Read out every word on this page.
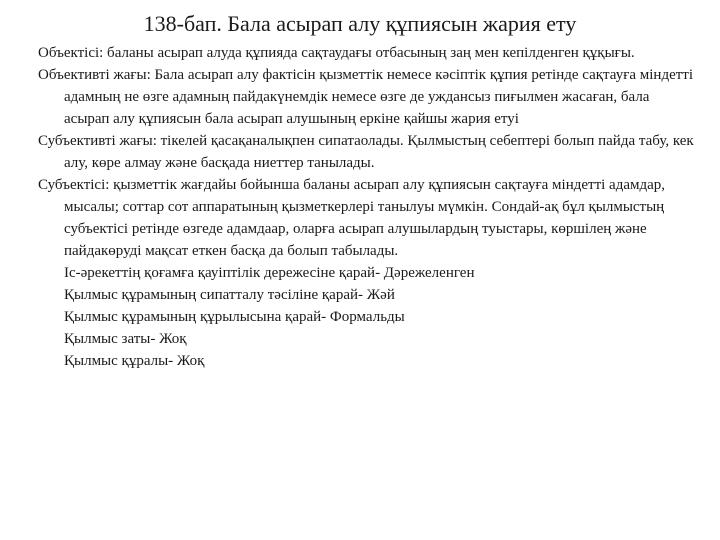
138-бап. Бала асырап алу құпиясын жария ету

Объектісі: баланы асырап алуда құпияда сақтаудағы отбасының заң мен кепілденген құқығы.

Объективті жағы: Бала асырап алу фактісін қызметтік немесе кәсіптік құпия ретінде сақтауға міндетті адамның не өзге адамның пайдакүнемдік немесе өзге де уждансыз пиғылмен жасаған, бала асырап алу құпиясын бала асырап алушының еркіне қайшы жария етуі

Субъективті жағы: тікелей қасақаналықпен сипатаолады. Қылмыстың себептері болып пайда табу, кек алу, көре алмау және басқада ниеттер танылады.

Субъектісі: қызметтік жағдайы бойынша баланы асырап алу құпиясын сақтауға міндетті адамдар, мысалы; соттар сот аппаратының қызметкерлері танылуы мүмкін. Сондай-ақ бұл қылмыстың субъектісі ретінде өзгеде адамдаар, оларға асырап алушылардың туыстары, көршілең және пайдакөруді мақсат еткен басқа да болып табылады.

Іс-әрекеттің қоғамға қауіптілік дережесіне қарай- Дәрежеленген

Қылмыс құрамының сипатталу тәсіліне қарай- Жәй

Қылмыс құрамының құрылысына қарай- Формальды

Қылмыс заты- Жоқ

Қылмыс құралы- Жоқ
